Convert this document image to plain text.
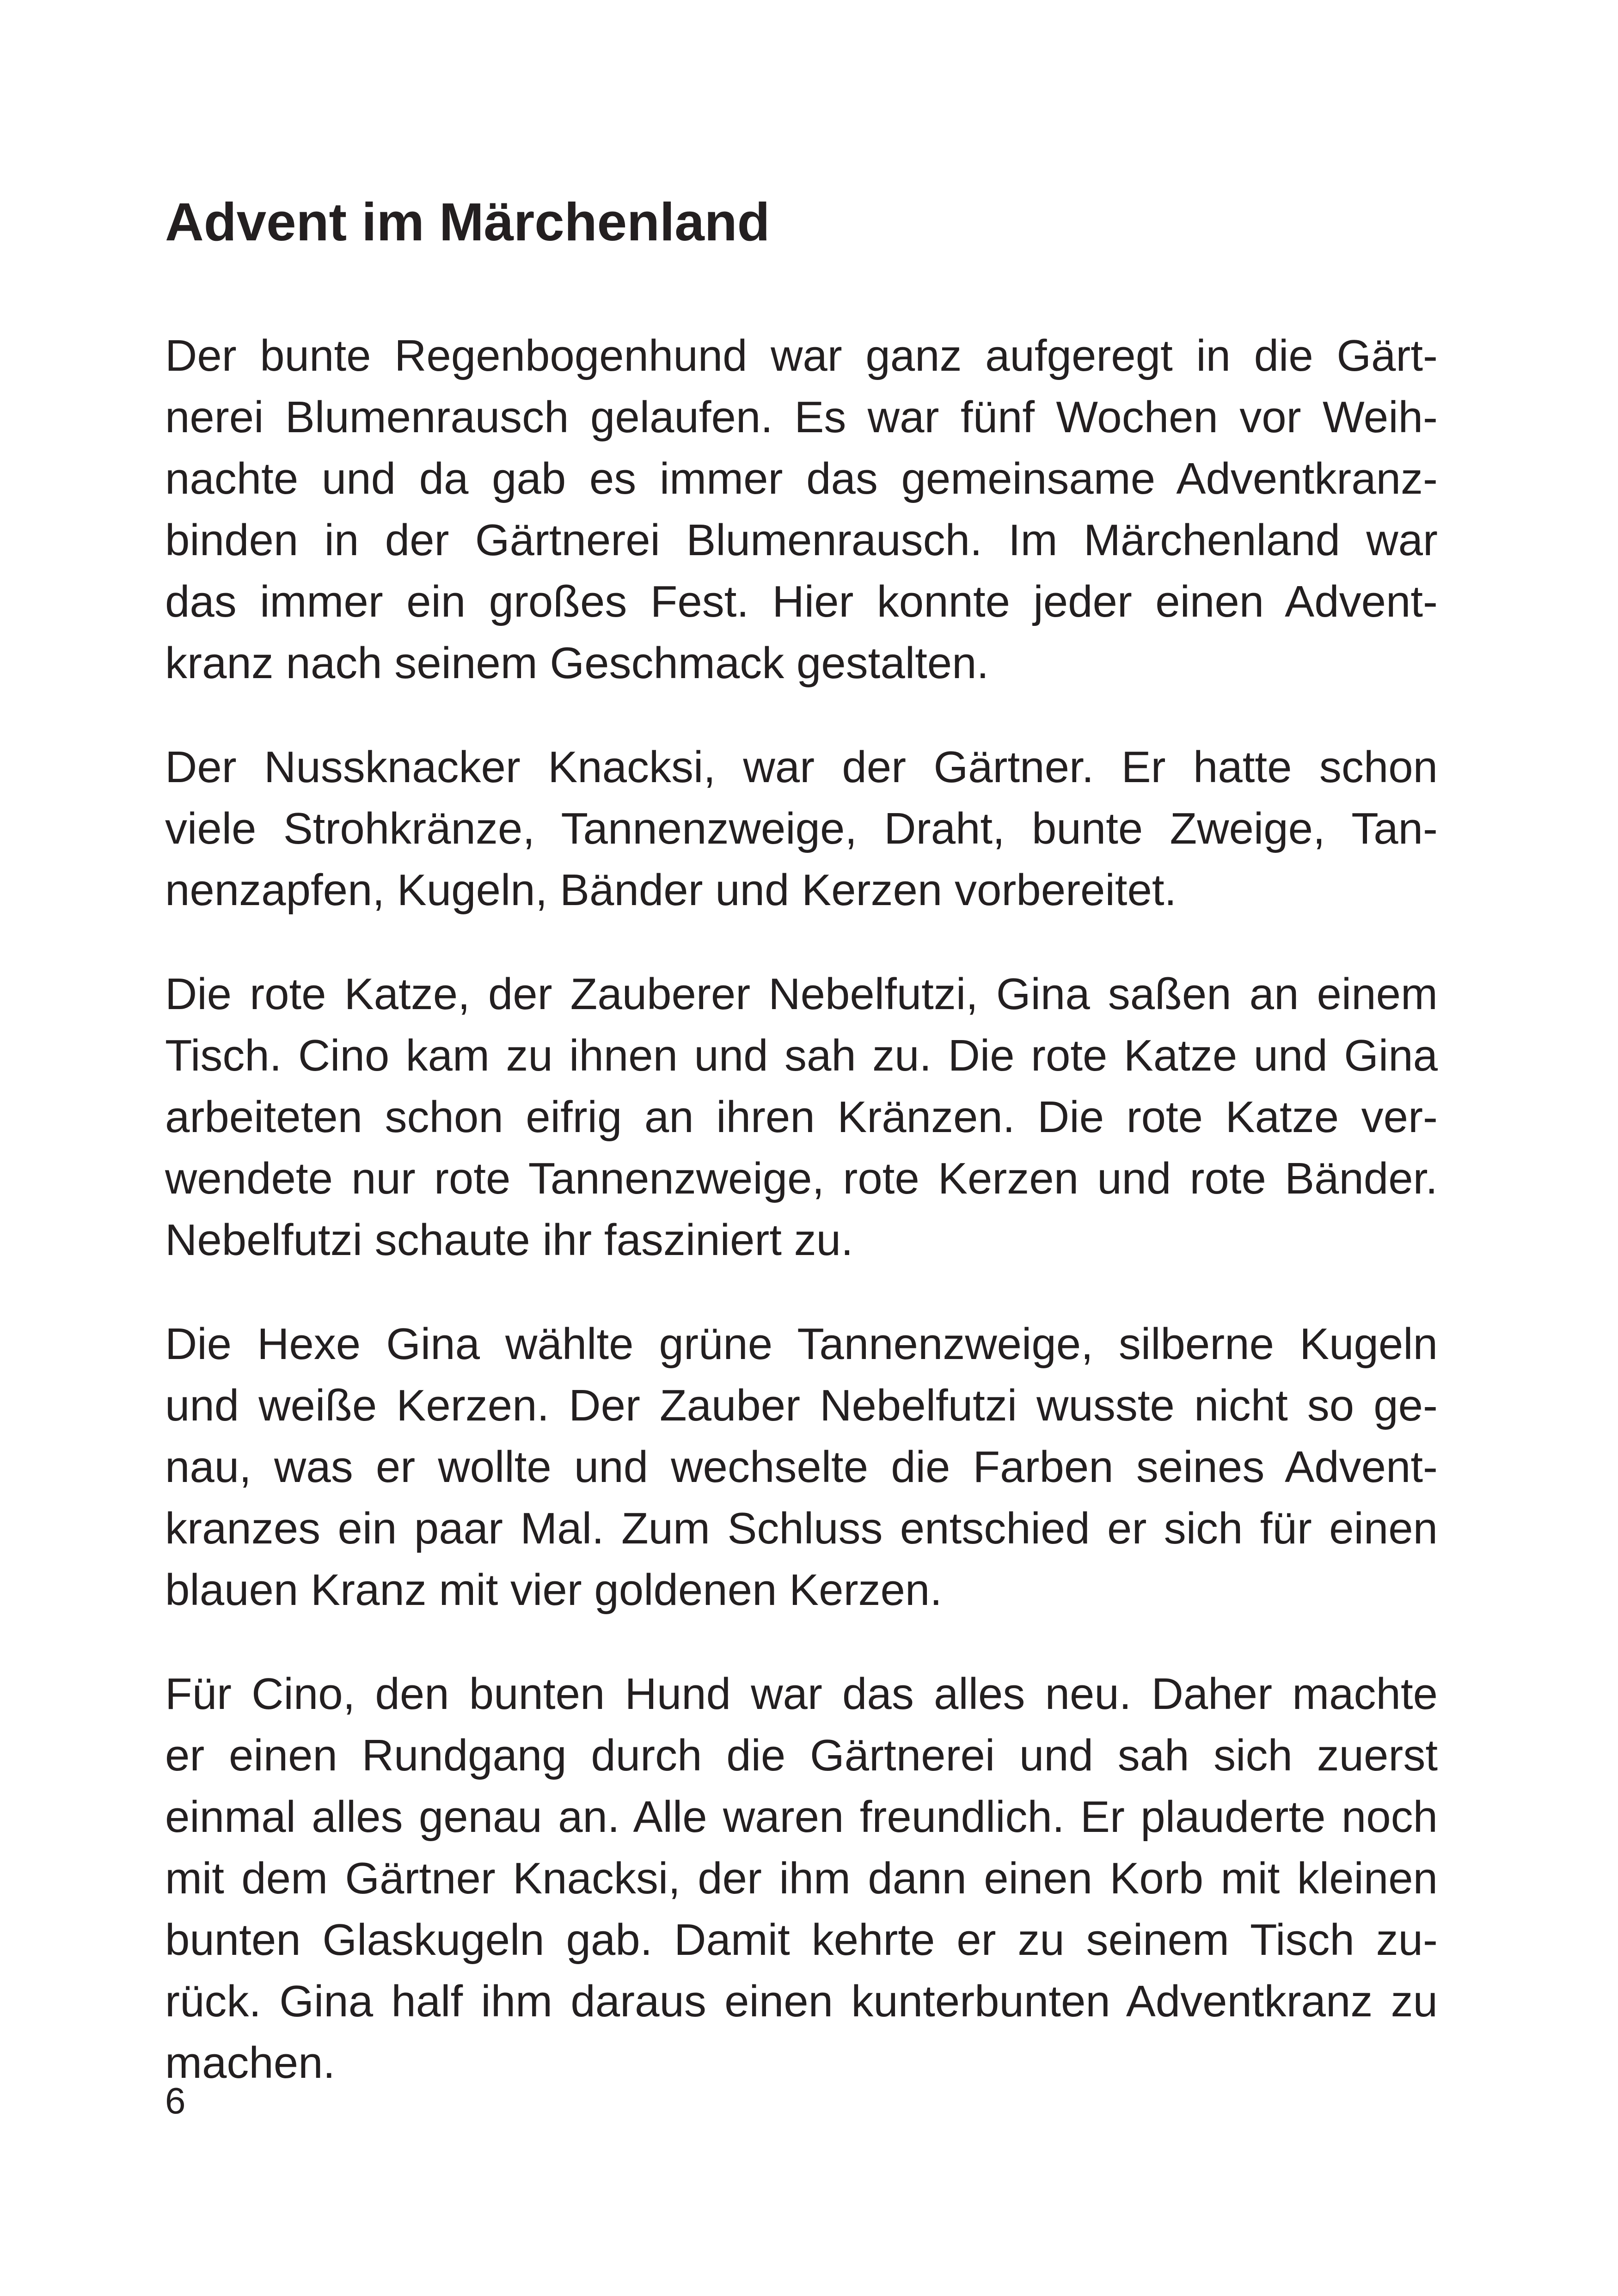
Advent im Märchenland

Der bunte Regenbogenhund war ganz aufgeregt in die Gärt-
nerei Blumenrausch gelaufen. Es war fünf Wochen vor Weih-
nachte und da gab es immer das gemeinsame Adventkranz-
binden in der Gärtnerei Blumenrausch. Im Märchenland war
das immer ein großes Fest. Hier konnte jeder einen Advent-
kranz nach seinem Geschmack gestalten.

Der Nussknacker Knacksi, war der Gärtner. Er hatte schon
viele Strohkränze, Tannenzweige, Draht, bunte Zweige, Tan-
nenzapfen, Kugeln, Bänder und Kerzen vorbereitet.

Die rote Katze, der Zauberer Nebelfutzi, Gina saßen an einem
Tisch. Cino kam zu ihnen und sah zu. Die rote Katze und Gina
arbeiteten schon eifrig an ihren Kränzen. Die rote Katze ver-
wendete nur rote Tannenzweige, rote Kerzen und rote Bänder.
Nebelfutzi schaute ihr fasziniert zu.

Die Hexe Gina wählte grüne Tannenzweige, silberne Kugeln
und weiße Kerzen. Der Zauber Nebelfutzi wusste nicht so ge-
nau, was er wollte und wechselte die Farben seines Advent-
kranzes ein paar Mal. Zum Schluss entschied er sich für einen
blauen Kranz mit vier goldenen Kerzen.

Für Cino, den bunten Hund war das alles neu. Daher machte
er einen Rundgang durch die Gärtnerei und sah sich zuerst
einmal alles genau an. Alle waren freundlich. Er plauderte noch
mit dem Gärtner Knacksi, der ihm dann einen Korb mit kleinen
bunten Glaskugeln gab. Damit kehrte er zu seinem Tisch zu-
rück. Gina half ihm daraus einen kunterbunten Adventkranz zu
machen.

6
